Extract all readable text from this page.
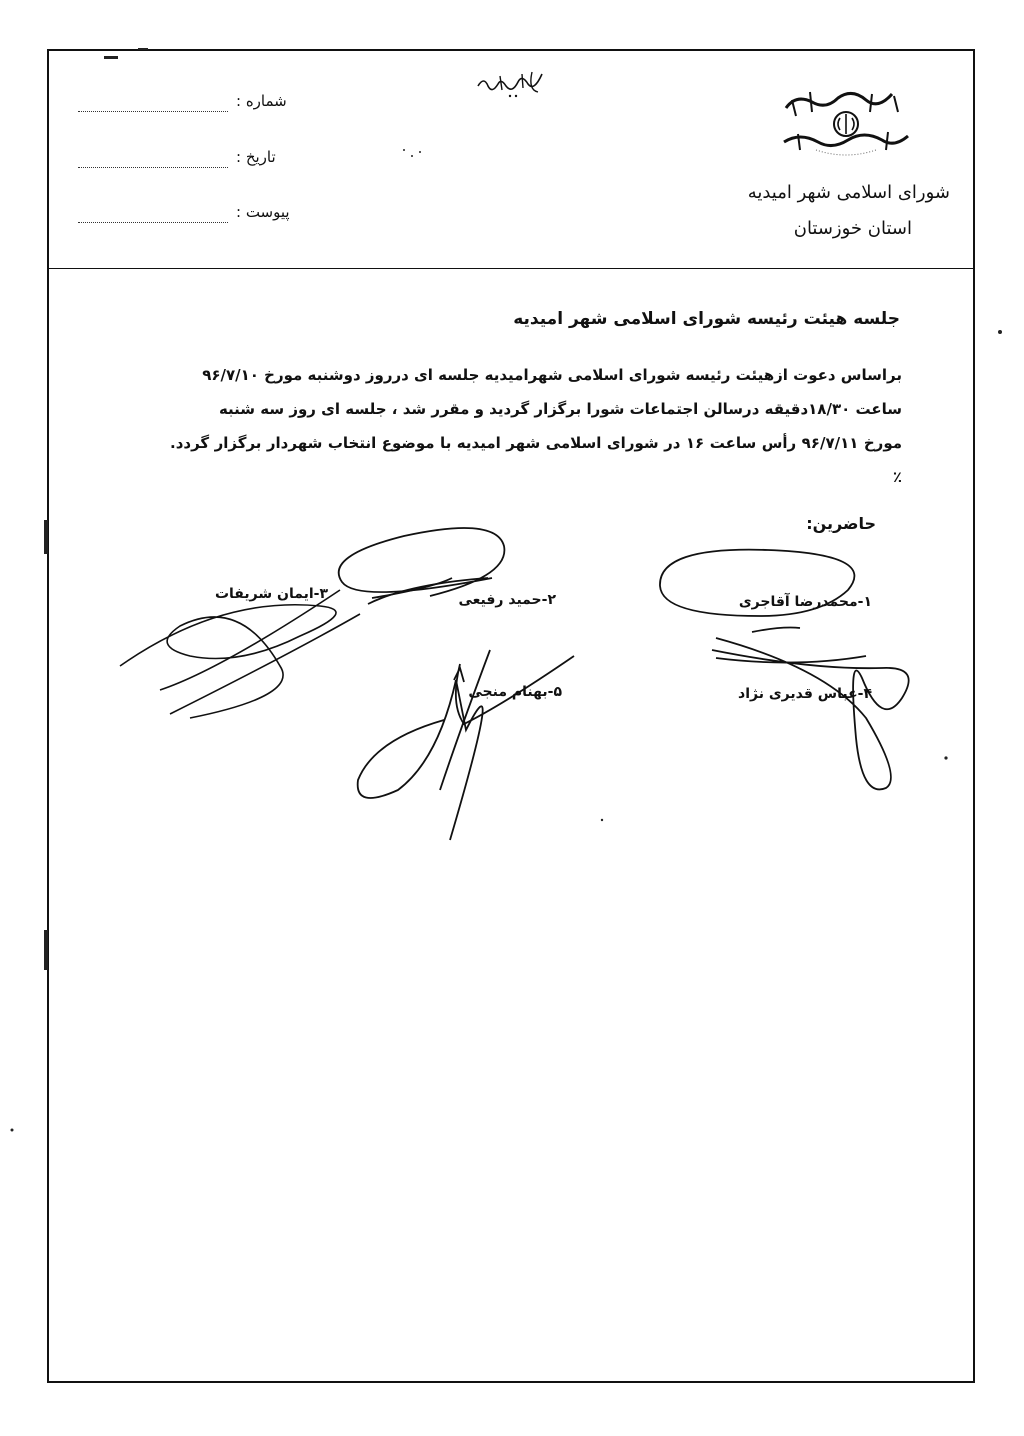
شورای اسلامی شهر امیدیه
استان خوزستان
شماره :
تاریخ :
پیوست :
جلسه هیئت رئیسه شورای اسلامی شهر امیدیه

براساس دعوت ازهیئت رئیسه شورای اسلامی شهرامیدیه جلسه ای درروز دوشنبه مورخ ۹۶/۷/۱۰

ساعت ۱۸/۳۰دقیقه درسالن اجتماعات شورا برگزار گردید و مقرر شد ، جلسه ای روز سه شنبه

مورخ ۹۶/۷/۱۱ رأس ساعت ۱۶ در شورای اسلامی شهر امیدیه با موضوع انتخاب شهردار برگزار گردد.٪

حاضرین:
۱-محمدرضا آقاجری
۲-حمید رفیعی
۳-ایمان شریفات
۴-عباس قدیری نژاد
۵-بهنام منجی
